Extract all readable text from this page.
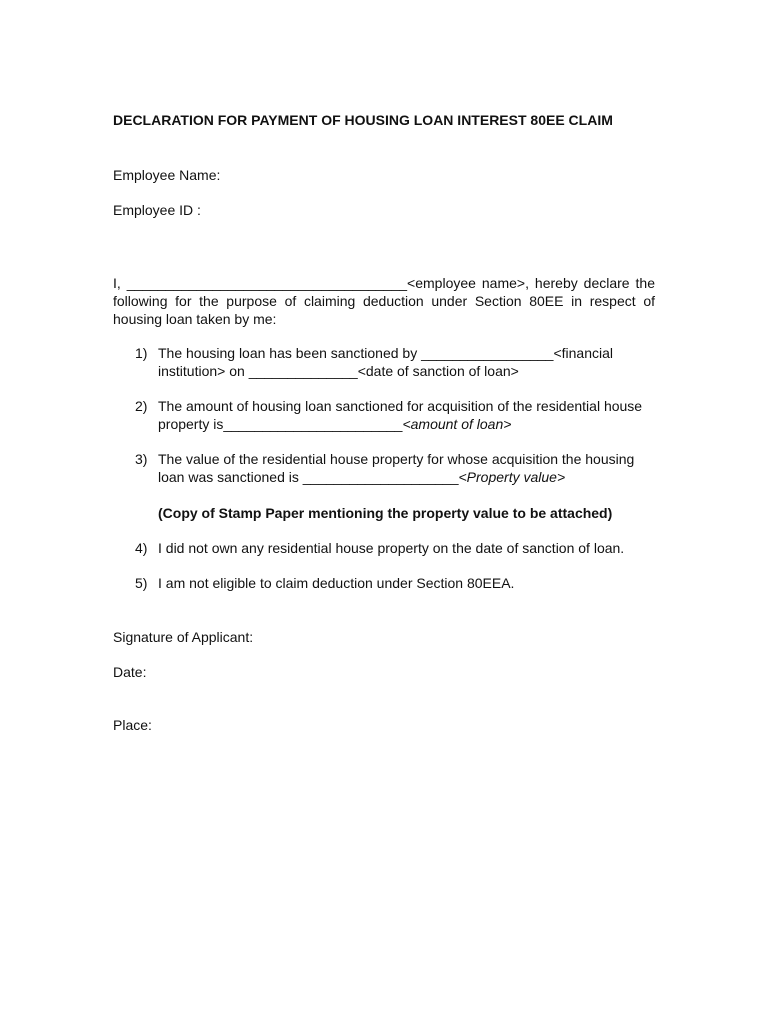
DECLARATION FOR PAYMENT OF HOUSING LOAN INTEREST 80EE CLAIM

Employee Name:

Employee ID :

I, ____________________________________<employee name>, hereby declare the following for the purpose of claiming deduction under Section 80EE in respect of housing loan taken by me:

1) The housing loan has been sanctioned by _________________<financial institution> on ______________<date of sanction of loan>
2) The amount of housing loan sanctioned for acquisition of the residential house property is_______________________<amount of loan>
3) The value of the residential house property for whose acquisition the housing loan was sanctioned is ____________________<Property value>

(Copy of Stamp Paper mentioning the property value to be attached)

4) I did not own any residential house property on the date of sanction of loan.
5) I am not eligible to claim deduction under Section 80EEA.

Signature of Applicant:

Date:

Place:
